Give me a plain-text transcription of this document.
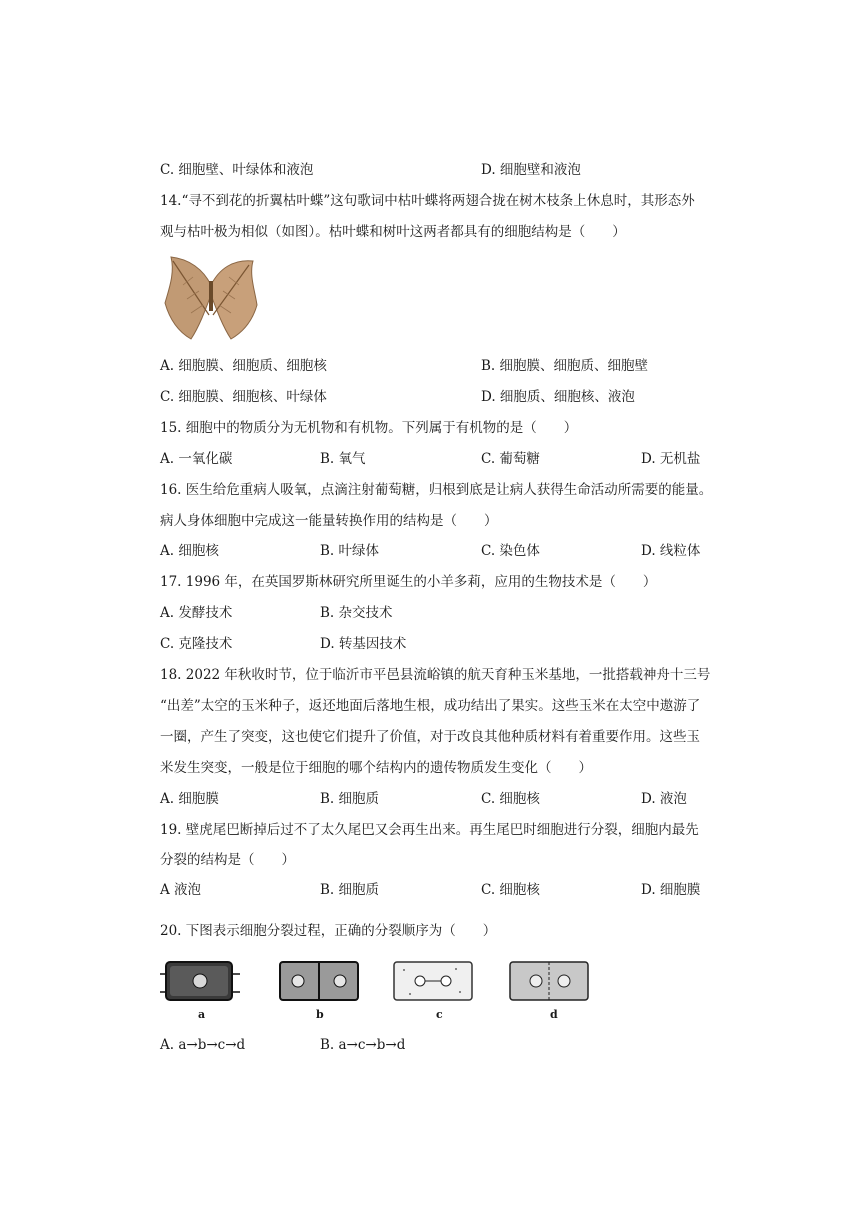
C. 细胞壁、叶绿体和液泡	D. 细胞壁和液泡
14.“寻不到花的折翼枯叶蝶”这句歌词中枯叶蝶将两翅合拢在树木枝条上休息时，其形态外
观与枯叶极为相似（如图）。枯叶蝶和树叶这两者都具有的细胞结构是（　　）
A. 细胞膜、细胞质、细胞核	B. 细胞膜、细胞质、细胞壁
C. 细胞膜、细胞核、叶绿体	D. 细胞质、细胞核、液泡
15. 细胞中的物质分为无机物和有机物。下列属于有机物的是（　　）
A. 一氧化碳	B. 氧气	C. 葡萄糖	D. 无机盐
16. 医生给危重病人吸氧，点滴注射葡萄糖，归根到底是让病人获得生命活动所需要的能量。
病人身体细胞中完成这一能量转换作用的结构是（　　）
A. 细胞核	B. 叶绿体	C. 染色体	D. 线粒体
17. 1996 年，在英国罗斯林研究所里诞生的小羊多莉，应用的生物技术是（　　）
A. 发酵技术	B. 杂交技术
C. 克隆技术	D. 转基因技术
18. 2022 年秋收时节，位于临沂市平邑县流峪镇的航天育种玉米基地，一批搭载神舟十三号
“出差”太空的玉米种子，返还地面后落地生根，成功结出了果实。这些玉米在太空中遨游了
一圈，产生了突变，这也使它们提升了价值，对于改良其他种质材料有着重要作用。这些玉
米发生突变，一般是位于细胞的哪个结构内的遗传物质发生变化（　　）
A. 细胞膜	B. 细胞质	C. 细胞核	D. 液泡
19. 壁虎尾巴断掉后过不了太久尾巴又会再生出来。再生尾巴时细胞进行分裂，细胞内最先
分裂的结构是（　　）
A 液泡	B. 细胞质	C. 细胞核	D. 细胞膜
20. 下图表示细胞分裂过程，正确的分裂顺序为（　　）
a	b	c	d
A. a→b→c→d	B. a→c→b→d
